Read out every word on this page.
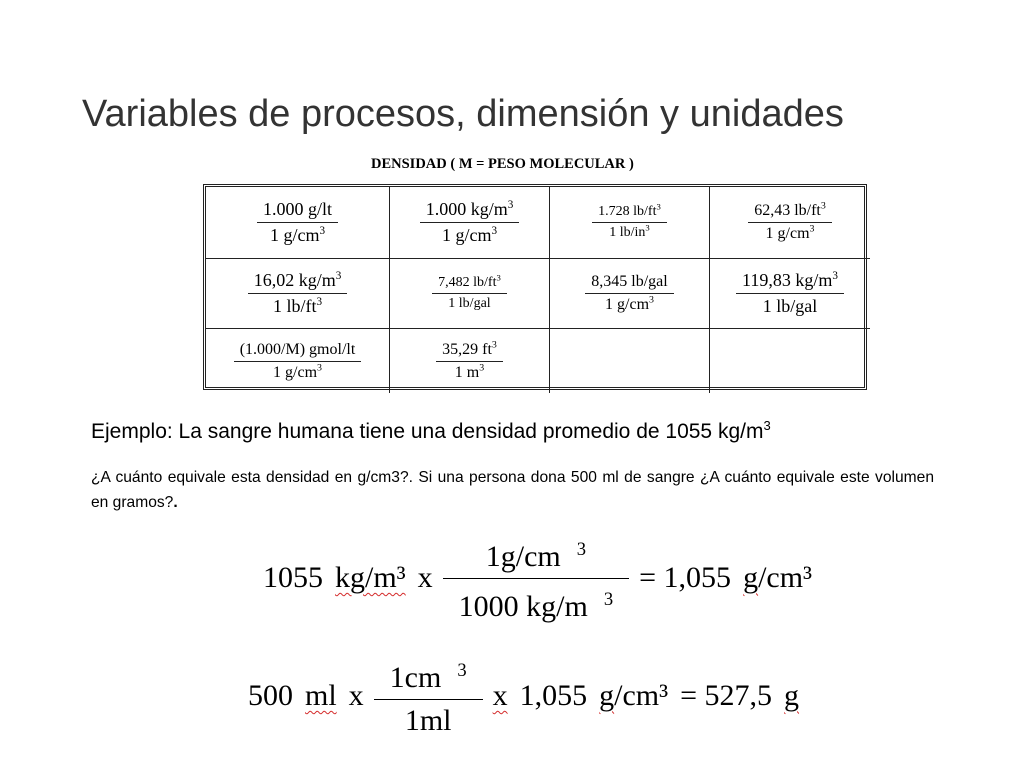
Variables de procesos, dimensión y unidades
DENSIDAD ( M = PESO MOLECULAR )
$\frac{1.000 g/lt}{1 g/cm^3}$	$\frac{1.000 kg/m^3}{1 g/cm^3}$	$\frac{1.728 lb/ft^3}{1 lb/in^3}$	$\frac{62,43 lb/ft^3}{1 g/cm^3}$
$\frac{16,02 kg/m^3}{1 lb/ft^3}$	$\frac{7,482 lb/ft^3}{\text{1 lb/gal}}$	$\frac{\text{8,345 lb/gal}}{1 g/cm^3}$	$\frac{119,83 kg/m^3}{\text{1 lb/gal}}$
$\frac{\text{(1.000/M) gmol/lt}}{1 g/cm^3}$	$\frac{35,29 ft^3}{1 m^3}$

Ejemplo: La sangre humana tiene una densidad promedio de 1055 $kg/m^3$

¿A cuánto equivale esta densidad en g/cm3?. Si una persona dona 500 ml de sangre ¿A cuánto equivale este volumen en gramos?.

1055 kg/m³ x
1g/cm $^3$
1000 kg/m $^3$
= 1,055 g /cm³
500 ml x
1cm $^3$
1ml
x 1,055 g /cm³ = 527,5 g
